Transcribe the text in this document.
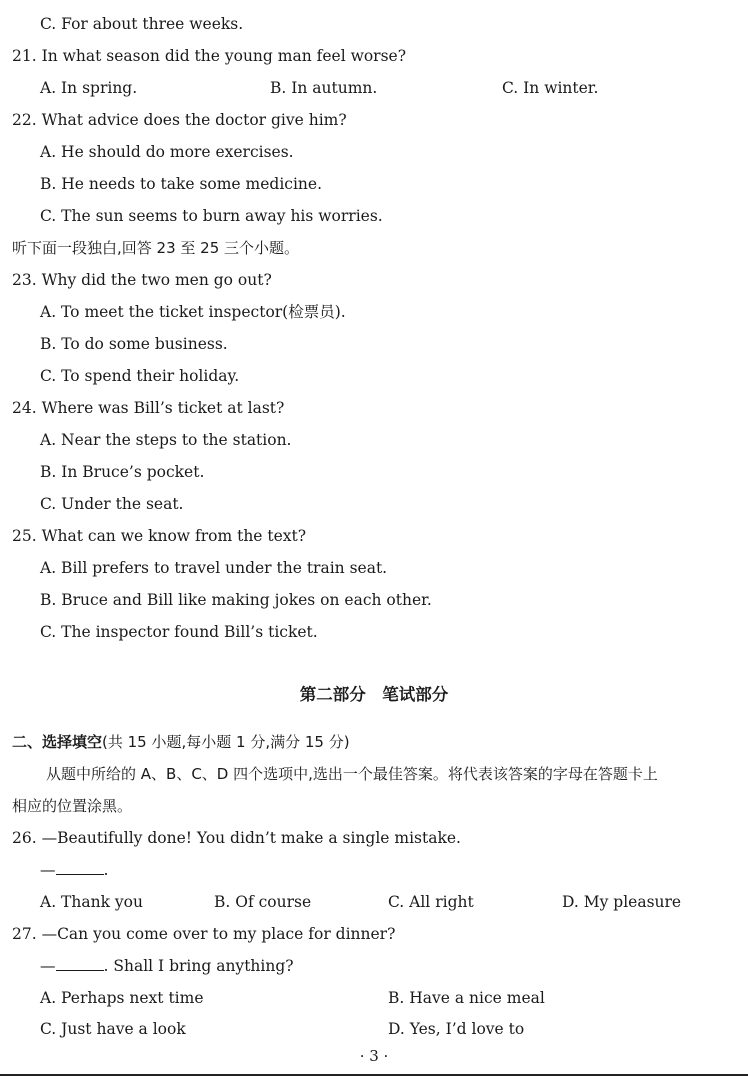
C. For about three weeks.
21. In what season did the young man feel worse?
A. In spring.	B. In autumn.	C. In winter.
22. What advice does the doctor give him?
A. He should do more exercises.
B. He needs to take some medicine.
C. The sun seems to burn away his worries.
听下面一段独白,回答 23 至 25 三个小题。
23. Why did the two men go out?
A. To meet the ticket inspector(检票员).
B. To do some business.
C. To spend their holiday.
24. Where was Bill’s ticket at last?
A. Near the steps to the station.
B. In Bruce’s pocket.
C. Under the seat.
25. What can we know from the text?
A. Bill prefers to travel under the train seat.
B. Bruce and Bill like making jokes on each other.
C. The inspector found Bill’s ticket.
第二部分　笔试部分
二、选择填空(共 15 小题,每小题 1 分,满分 15 分)
从题中所给的 A、B、C、D 四个选项中,选出一个最佳答案。将代表该答案的字母在答题卡上
相应的位置涂黑。
26. —Beautifully done! You didn’t make a single mistake.
—	.
A. Thank you	B. Of course	C. All right	D. My pleasure
27. —Can you come over to my place for dinner?
—	. Shall I bring anything?
A. Perhaps next time	B. Have a nice meal
C. Just have a look	D. Yes, I’d love to
· 3 ·
